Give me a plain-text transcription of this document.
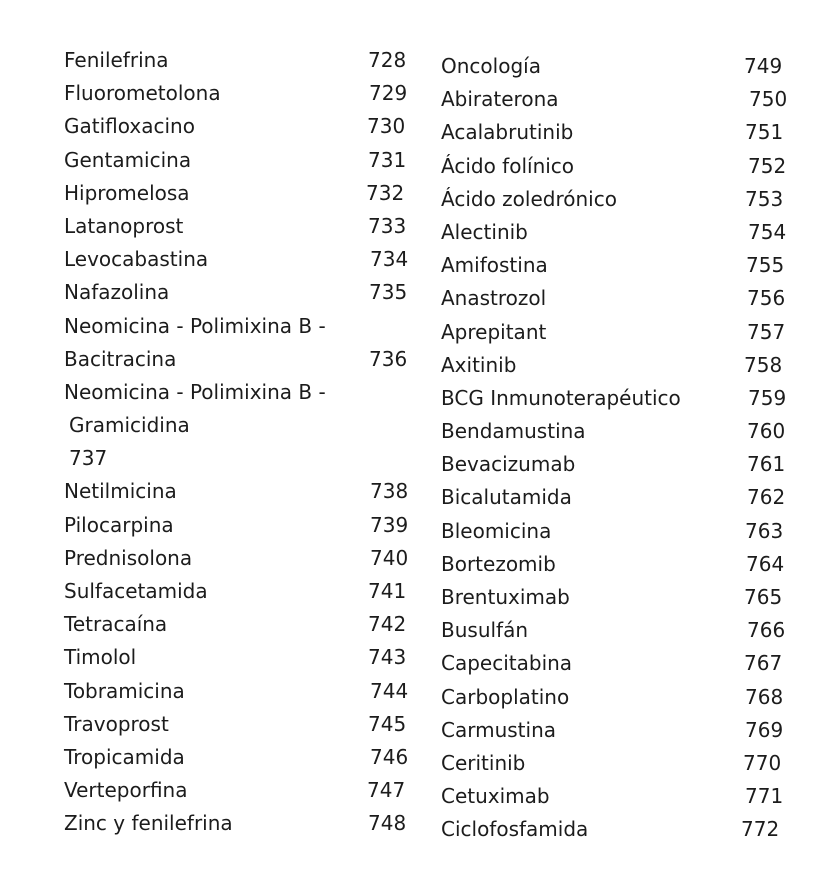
Fenilefrina	728
Fluorometolona	729
Gatifloxacino	730
Gentamicina	731
Hipromelosa	732
Latanoprost	733
Levocabastina	734
Nafazolina	735
Neomicina - Polimixina B -
Bacitracina	736
Neomicina - Polimixina B -
Gramicidina
737
Netilmicina	738
Pilocarpina	739
Prednisolona	740
Sulfacetamida	741
Tetracaína	742
Timolol	743
Tobramicina	744
Travoprost	745
Tropicamida	746
Verteporfina	747
Zinc y fenilefrina	748
Oncología	749
Abiraterona	750
Acalabrutinib	751
Ácido folínico	752
Ácido zoledrónico	753
Alectinib	754
Amifostina	755
Anastrozol	756
Aprepitant	757
Axitinib	758
BCG Inmunoterapéutico	759
Bendamustina	760
Bevacizumab	761
Bicalutamida	762
Bleomicina	763
Bortezomib	764
Brentuximab	765
Busulfán	766
Capecitabina	767
Carboplatino	768
Carmustina	769
Ceritinib	770
Cetuximab	771
Ciclofosfamida	772
